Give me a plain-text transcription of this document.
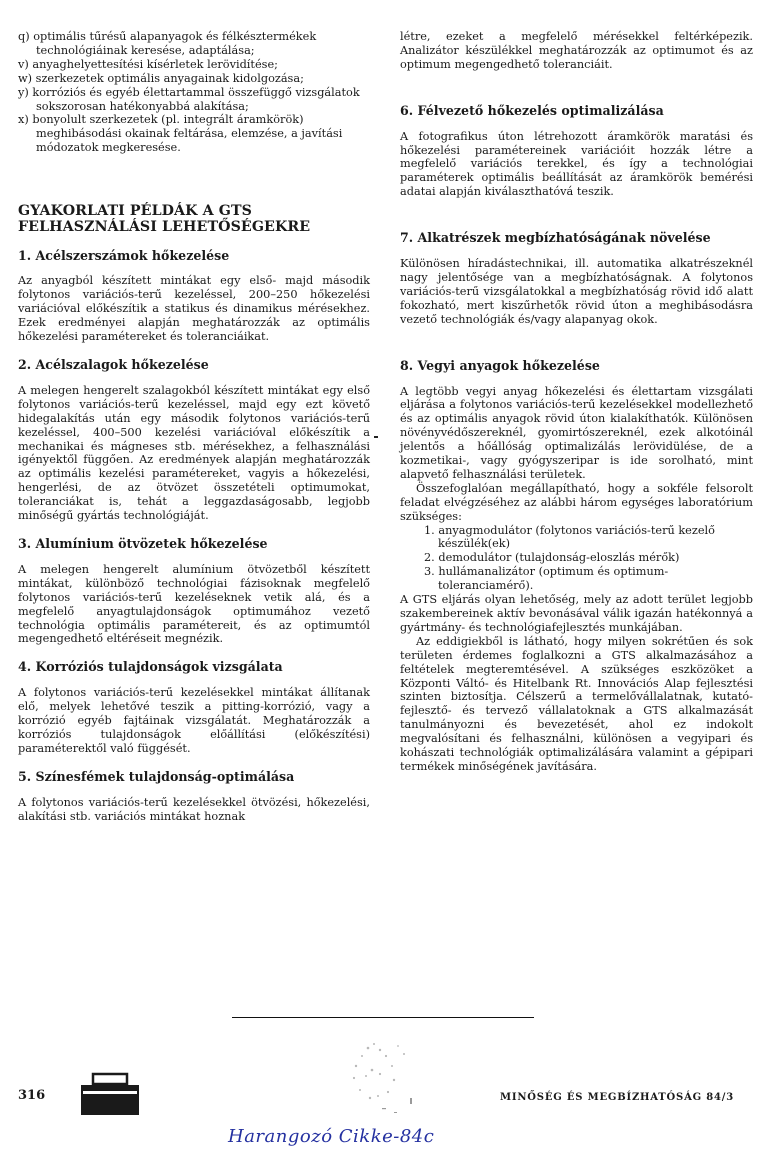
q) optimális tűrésű alapanyagok és félkésztermékek technológiáinak keresése, adaptálása;
v) anyaghelyettesítési kísérletek lerövidítése;
w) szerkezetek optimális anyagainak kidolgozása;
y) korróziós és egyéb élettartammal összefüggő vizsgálatok sokszorosan hatékonyabbá alakítása;
x) bonyolult szerkezetek (pl. integrált áramkörök) meghibásodási okainak feltárása, elemzése, a javítási módozatok megkeresése.
GYAKORLATI PÉLDÁK A GTS FELHASZNÁLÁSI LEHETŐSÉGEKRE
1. Acélszerszámok hőkezelése

Az anyagból készített mintákat egy első- majd második folytonos variációs-terű kezeléssel, 200–250 hőkezelési variációval előkészítik a statikus és dinamikus mérésekhez. Ezek eredményei alapján meghatározzák az optimális hőkezelési paramétereket és toleranciáikat.

2. Acélszalagok hőkezelése

A melegen hengerelt szalagokból készített mintákat egy első folytonos variációs-terű kezeléssel, majd egy ezt követő hidegalakítás után egy második folytonos variációs-terű kezeléssel, 400–500 kezelési variációval előkészítik a mechanikai és mágneses stb. mérésekhez, a felhasználási igényektől függően. Az eredmények alapján meghatározzák az optimális kezelési paramétereket, vagyis a hőkezelési, hengerlési, de az ötvözet összetételi optimumokat, toleranciákat is, tehát a leggazdaságosabb, legjobb minőségű gyártás technológiáját.

3. Alumínium ötvözetek hőkezelése

A melegen hengerelt alumínium ötvözetből készített mintákat, különböző technológiai fázisoknak megfelelő folytonos variációs-terű kezeléseknek vetik alá, és a megfelelő anyagtulajdonságok optimumához vezető technológia optimális paramétereit, és az optimumtól megengedhető eltéréseit megnézik.

4. Korróziós tulajdonságok vizsgálata

A folytonos variációs-terű kezelésekkel mintákat állítanak elő, melyek lehetővé teszik a pitting-korrózió, vagy a korrózió egyéb fajtáinak vizsgálatát. Meghatározzák a korróziós tulajdonságok előállítási (előkészítési) paraméterektől való függését.

5. Színesfémek tulajdonság-optimálása

A folytonos variációs-terű kezelésekkel ötvözési, hőkezelési, alakítási stb. variációs mintákat hoznak

létre, ezeket a megfelelő mérésekkel feltérképezik. Analizátor készülékkel meghatározzák az optimumot és az optimum megengedhető toleranciáit.

6. Félvezető hőkezelés optimalizálása

A fotografikus úton létrehozott áramkörök maratási és hőkezelési paramétereinek variációit hozzák létre a megfelelő variációs terekkel, és így a technológiai paraméterek optimális beállítását az áramkörök bemérési adatai alapján kiválaszthatóvá teszik.

7. Alkatrészek megbízhatóságának növelése

Különösen híradástechnikai, ill. automatika alkatrészeknél nagy jelentősége van a megbízhatóságnak. A folytonos variációs-terű vizsgálatokkal a megbízhatóság rövid idő alatt fokozható, mert kiszűrhetők rövid úton a meghibásodásra vezető technológiák és/vagy alapanyag okok.

8. Vegyi anyagok hőkezelése

A legtöbb vegyi anyag hőkezelési és élettartam vizsgálati eljárása a folytonos variációs-terű kezelésekkel modellezhető és az optimális anyagok rövid úton kialakíthatók. Különösen növényvédőszereknél, gyomirtószereknél, ezek alkotóinál jelentős a hőállóság optimalizálás lerövidülése, de a kozmetikai-, vagy gyógyszeripar is ide sorolható, mint alapvető felhasználási területek.

Összefoglalóan megállapítható, hogy a sokféle felsorolt feladat elvégzéséhez az alábbi három egységes laboratórium szükséges:

1. anyagmodulátor (folytonos variációs-terű kezelő készülék(ek)
2. demodulátor (tulajdonság-eloszlás mérők)
3. hullámanalizátor (optimum és optimum-toleranciamérő).

A GTS eljárás olyan lehetőség, mely az adott terület legjobb szakembereinek aktív bevonásával válik igazán hatékonnyá a gyártmány- és technológiafejlesztés munkájában.

Az eddigiekből is látható, hogy milyen sokrétűen és sok területen érdemes foglalkozni a GTS alkalmazásához a feltételek megteremtésével. A szükséges eszközöket a Központi Váltó- és Hitelbank Rt. Innovációs Alap fejlesztési szinten biztosítja. Célszerű a termelővállalatnak, kutató-fejlesztő- és tervező vállalatoknak a GTS alkalmazását tanulmányozni és bevezetését, ahol ez indokolt megvalósítani és felhasználni, különösen a vegyipari és kohászati technológiák optimalizálására valamint a gépipari termékek minőségének javítására.

316	MINŐSÉG ÉS MEGBÍZHATÓSÁG 84/3
Harangozó Cikke-84c
